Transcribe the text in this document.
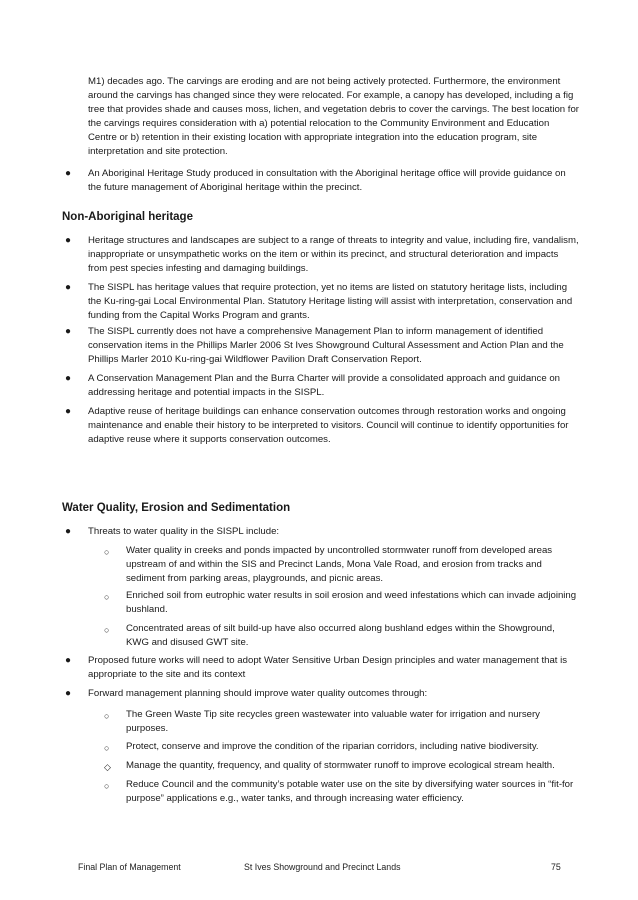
M1) decades ago. The carvings are eroding and are not being actively protected. Furthermore, the environment around the carvings has changed since they were relocated. For example, a canopy has developed, including a fig tree that provides shade and causes moss, lichen, and vegetation debris to cover the carvings. The best location for the carvings requires consideration with a) potential relocation to the Community Environment and Education Centre or b) retention in their existing location with appropriate integration into the education program, site interpretation and site protection.

● An Aboriginal Heritage Study produced in consultation with the Aboriginal heritage office will provide guidance on the future management of Aboriginal heritage within the precinct.

Non-Aboriginal heritage
● Heritage structures and landscapes are subject to a range of threats to integrity and value, including fire, vandalism, inappropriate or unsympathetic works on the item or within its precinct, and structural deterioration and impacts from pest species infesting and damaging buildings.

● The SISPL has heritage values that require protection, yet no items are listed on statutory heritage lists, including the Ku-ring-gai Local Environmental Plan. Statutory Heritage listing will assist with interpretation, conservation and funding from the Capital Works Program and grants.

● The SISPL currently does not have a comprehensive Management Plan to inform management of identified conservation items in the Phillips Marler 2006 St Ives Showground Cultural Assessment and Action Plan and the Phillips Marler 2010 Ku-ring-gai Wildflower Pavilion Draft Conservation Report.

● A Conservation Management Plan and the Burra Charter will provide a consolidated approach and guidance on addressing heritage and potential impacts in the SISPL.

● Adaptive reuse of heritage buildings can enhance conservation outcomes through restoration works and ongoing maintenance and enable their history to be interpreted to visitors. Council will continue to identify opportunities for adaptive reuse where it supports conservation outcomes.

Water Quality, Erosion and Sedimentation
● Threats to water quality in the SISPL include:

○ Water quality in creeks and ponds impacted by uncontrolled stormwater runoff from developed areas upstream of and within the SIS and Precinct Lands, Mona Vale Road, and erosion from tracks and sediment from parking areas, playgrounds, and picnic areas.

○ Enriched soil from eutrophic water results in soil erosion and weed infestations which can invade adjoining bushland.

○ Concentrated areas of silt build-up have also occurred along bushland edges within the Showground, KWG and disused GWT site.

● Proposed future works will need to adopt Water Sensitive Urban Design principles and water management that is appropriate to the site and its context

● Forward management planning should improve water quality outcomes through:

○ The Green Waste Tip site recycles green wastewater into valuable water for irrigation and nursery purposes.

○ Protect, conserve and improve the condition of the riparian corridors, including native biodiversity.

◇ Manage the quantity, frequency, and quality of stormwater runoff to improve ecological stream health.

○ Reduce Council and the community’s potable water use on the site by diversifying water sources in “fit-for purpose” applications e.g., water tanks, and through increasing water efficiency.

Final Plan of Management	St Ives Showground and Precinct Lands	75
